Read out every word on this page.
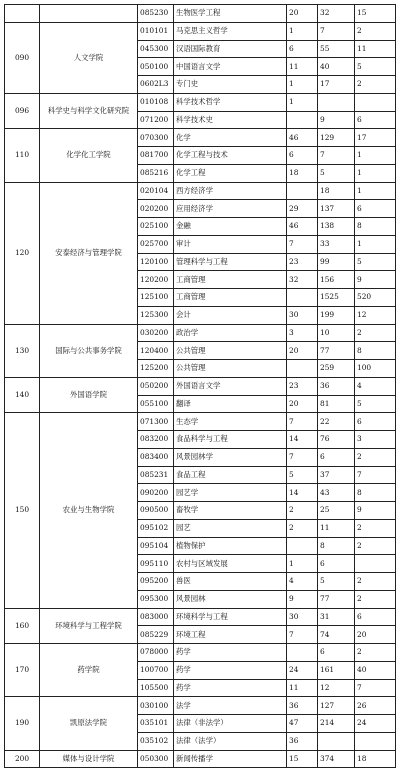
		085230	生物医学工程	20	32	15
090	人文学院	010101	马克思主义哲学	1	7	2
		045300	汉语国际教育	6	55	11
		050100	中国语言文学	11	40	5
		0602L3	专门史	1	17	2
096	科学史与科学文化研究院	010108	科学技术哲学	1		
		071200	科学技术史		9	6
110	化学化工学院	070300	化学	46	129	17
		081700	化学工程与技术	6	7	1
		085216	化学工程	18	5	1
120	安泰经济与管理学院	020104	西方经济学		18	1
		020200	应用经济学	29	137	6
		025100	金融	46	138	8
		025700	审计	7	33	1
		120100	管理科学与工程	23	99	5
		120200	工商管理	32	156	9
		125100	工商管理		1525	520
		125300	会计	30	199	12
130	国际与公共事务学院	030200	政治学	3	10	2
		120400	公共管理	20	77	8
		125200	公共管理		259	100
140	外国语学院	050200	外国语言文学	23	36	4
		055100	翻译	20	81	5
150	农业与生物学院	071300	生态学	7	22	6
		083200	食品科学与工程	14	76	3
		083400	风景园林学	7	6	2
		085231	食品工程	5	37	7
		090200	园艺学	14	43	8
		090500	畜牧学	2	25	9
		095102	园艺	2	11	2
		095104	植物保护		8	2
		095110	农村与区域发展	1	6	
		095200	兽医	4	5	2
		095300	风景园林	9	77	2
160	环境科学与工程学院	083000	环境科学与工程	30	31	6
		085229	环境工程	7	74	20
170	药学院	078000	药学		6	2
		100700	药学	24	161	40
		105500	药学	11	12	7
190	凯原法学院	030100	法学	36	127	26
		035101	法律（非法学）	47	214	24
		035102	法律（法学）	36		
200	媒体与设计学院	050300	新闻传播学	15	374	18
